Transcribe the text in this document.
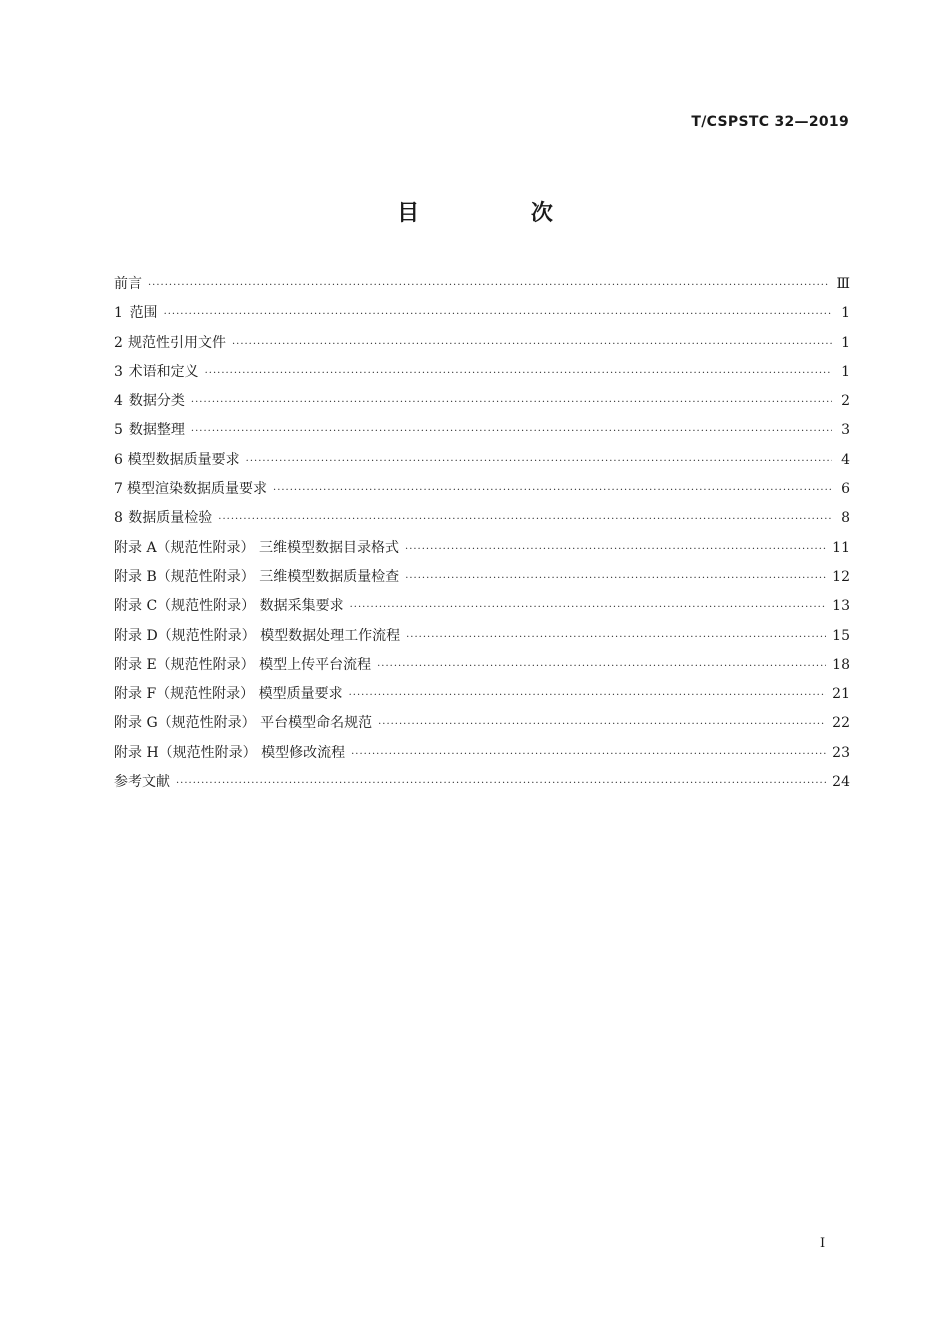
T/CSPSTC 32—2019
目 次
前言 ·····	Ⅲ
1 范围 ·····	1
2 规范性引用文件 ·····	1
3 术语和定义 ·····	1
4 数据分类 ·····	2
5 数据整理 ·····	3
6 模型数据质量要求 ·····	4
7 模型渲染数据质量要求 ·····	6
8 数据质量检验 ·····	8
附录 A（规范性附录） 三维模型数据目录格式 ·····	11
附录 B（规范性附录） 三维模型数据质量检查 ·····	12
附录 C（规范性附录） 数据采集要求 ·····	13
附录 D（规范性附录） 模型数据处理工作流程 ·····	15
附录 E（规范性附录） 模型上传平台流程 ·····	18
附录 F（规范性附录） 模型质量要求 ·····	21
附录 G（规范性附录） 平台模型命名规范 ·····	22
附录 H（规范性附录） 模型修改流程 ·····	23
参考文献 ·····	24
Ⅰ
